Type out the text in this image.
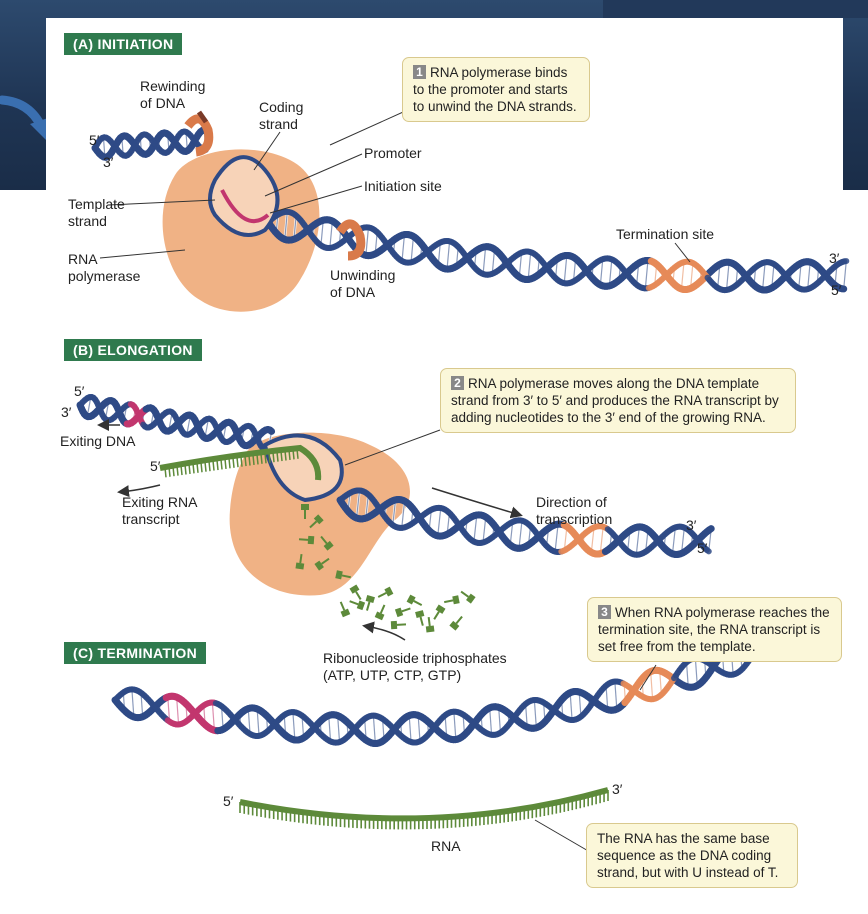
(A) INITIATION
(B) ELONGATION
(C) TERMINATION
1 RNA polymerase binds to the promoter and starts to unwind the DNA strands.
2 RNA polymerase moves along the DNA template strand from 3′ to 5′ and produces the RNA transcript by adding nucleotides to the 3′ end of the growing RNA.
3 When RNA polymerase reaches the termination site, the RNA transcript is set free from the template.
The RNA has the same base sequence as the DNA coding strand, but with U instead of T.
Rewinding
of DNA	Coding
strand
Promoter
Initiation site
Template
strand
RNA
polymerase	Unwinding
of DNA
Termination site
5′
3′
3′
5′
5′
3′
Exiting DNA
5′
Exiting RNA
transcript
Direction of
transcription	3′
5′
Ribonucleoside triphosphates
(ATP, UTP, CTP, GTP)
5′
3′
RNA
